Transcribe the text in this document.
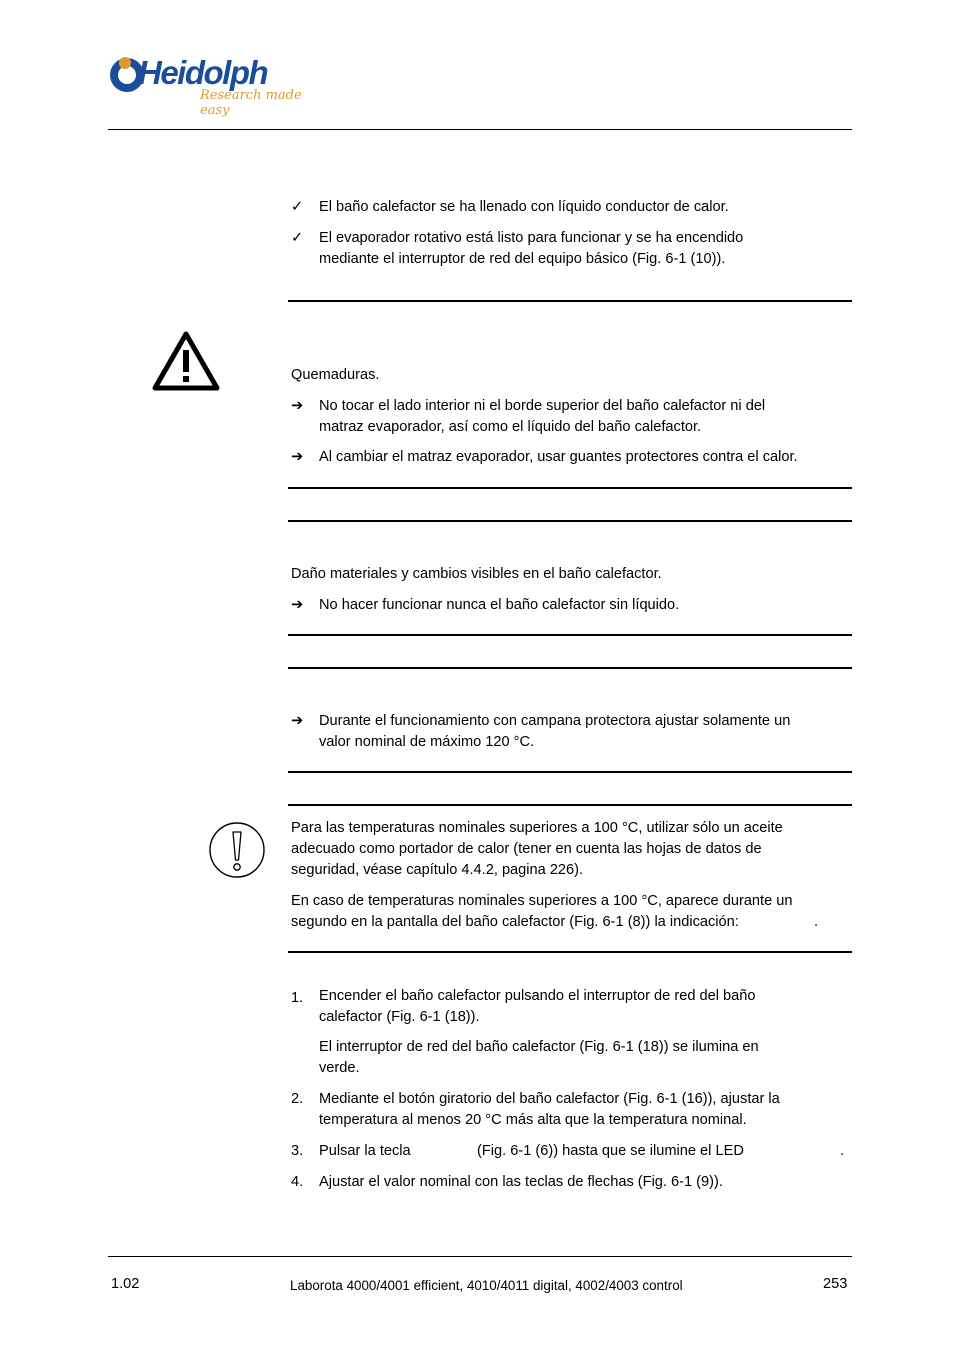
Heidolph
Research made easy
✓	El baño calefactor se ha llenado con líquido conductor de calor.
✓	El evaporador rotativo está listo para funcionar y se ha encendido
mediante el interruptor de red del equipo básico (Fig. 6-1 (10)).
Quemaduras.
➔	No tocar el lado interior ni el borde superior del baño calefactor ni del
matraz evaporador, así como el líquido del baño calefactor.
➔	Al cambiar el matraz evaporador, usar guantes protectores contra el calor.
Daño materiales y cambios visibles en el baño calefactor.
➔	No hacer funcionar nunca el baño calefactor sin líquido.
➔	Durante el funcionamiento con campana protectora ajustar solamente un
valor nominal de máximo 120 °C.
Para las temperaturas nominales superiores a 100 °C, utilizar sólo un aceite
adecuado como portador de calor (tener en cuenta las hojas de datos de
seguridad, véase capítulo 4.4.2, pagina 226).
En caso de temperaturas nominales superiores a 100 °C, aparece durante un
segundo en la pantalla del baño calefactor (Fig. 6-1 (8)) la indicación:	.
1.	Encender el baño calefactor pulsando el interruptor de red del baño
calefactor (Fig. 6-1 (18)).
El interruptor de red del baño calefactor (Fig. 6-1 (18)) se ilumina en
verde.
2.	Mediante el botón giratorio del baño calefactor (Fig. 6-1 (16)), ajustar la
temperatura al menos 20 °C más alta que la temperatura nominal.
3.	Pulsar la tecla	(Fig. 6-1 (6)) hasta que se ilumine el LED	.
4.	Ajustar el valor nominal con las teclas de flechas (Fig. 6-1 (9)).
1.02	Laborota 4000/4001 efficient, 4010/4011 digital, 4002/4003 control	253
